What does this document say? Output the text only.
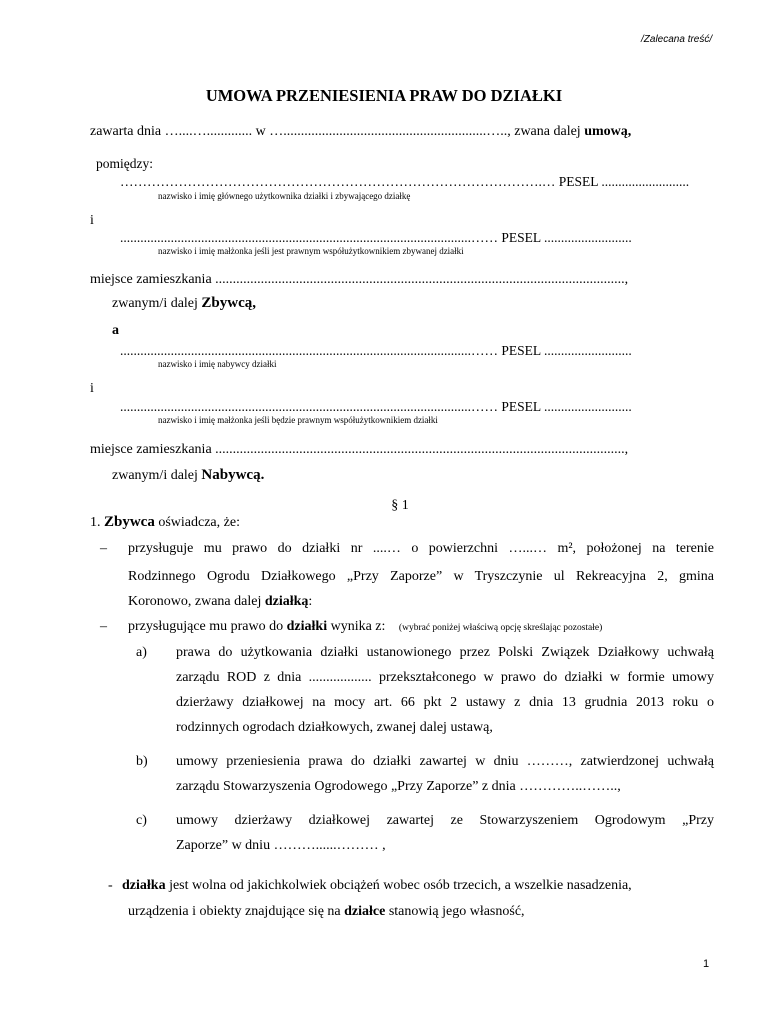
/Zalecana treść/
UMOWA PRZENIESIENIA PRAW DO DZIAŁKI
zawarta dnia …....…............. w …..........................................................….., zwana dalej umową,
pomiędzy:
………………………………………………………………………………….… PESEL ..........................
nazwisko i imię głównego użytkownika działki i zbywającego działkę
i
........................................................................................................…… PESEL ..........................
nazwisko i imię małżonka jeśli jest prawnym współużytkownikiem zbywanej działki
miejsce zamieszkania .....................................................................................................................,
zwanym/i dalej Zbywcą,
a
........................................................................................................…… PESEL ..........................
nazwisko i imię nabywcy działki
i
........................................................................................................…… PESEL ..........................
nazwisko i imię małżonka jeśli będzie prawnym współużytkownikiem działki
miejsce zamieszkania .....................................................................................................................,
zwanym/i dalej Nabywcą.
§ 1
1. Zbywca oświadcza, że:
– przysługuje mu prawo do działki nr ....… o powierzchni …...… m², położonej na terenie
Rodzinnego Ogrodu Działkowego „Przy Zaporze” w Tryszczynie ul Rekreacyjna 2, gmina
Koronowo, zwana dalej działką:
– przysługujące mu prawo do działki wynika z: (wybrać poniżej właściwą opcję skreślając pozostałe)
a) prawa do użytkowania działki ustanowionego przez Polski Związek Działkowy uchwałą
zarządu ROD z dnia .................. przekształconego w prawo do działki w formie umowy
dzierżawy działkowej na mocy art. 66 pkt 2 ustawy z dnia 13 grudnia 2013 roku o
rodzinnych ogrodach działkowych, zwanej dalej ustawą,
b) umowy przeniesienia prawa do działki zawartej w dniu ………, zatwierdzonej uchwałą
zarządu Stowarzyszenia Ogrodowego „Przy Zaporze” z dnia …………..……..,
c) umowy dzierżawy działkowej zawartej ze Stowarzyszeniem Ogrodowym „Przy
Zaporze” w dniu ………......……… ,
- działka jest wolna od jakichkolwiek obciążeń wobec osób trzecich, a wszelkie nasadzenia,
urządzenia i obiekty znajdujące się na działce stanowią jego własność,
1
